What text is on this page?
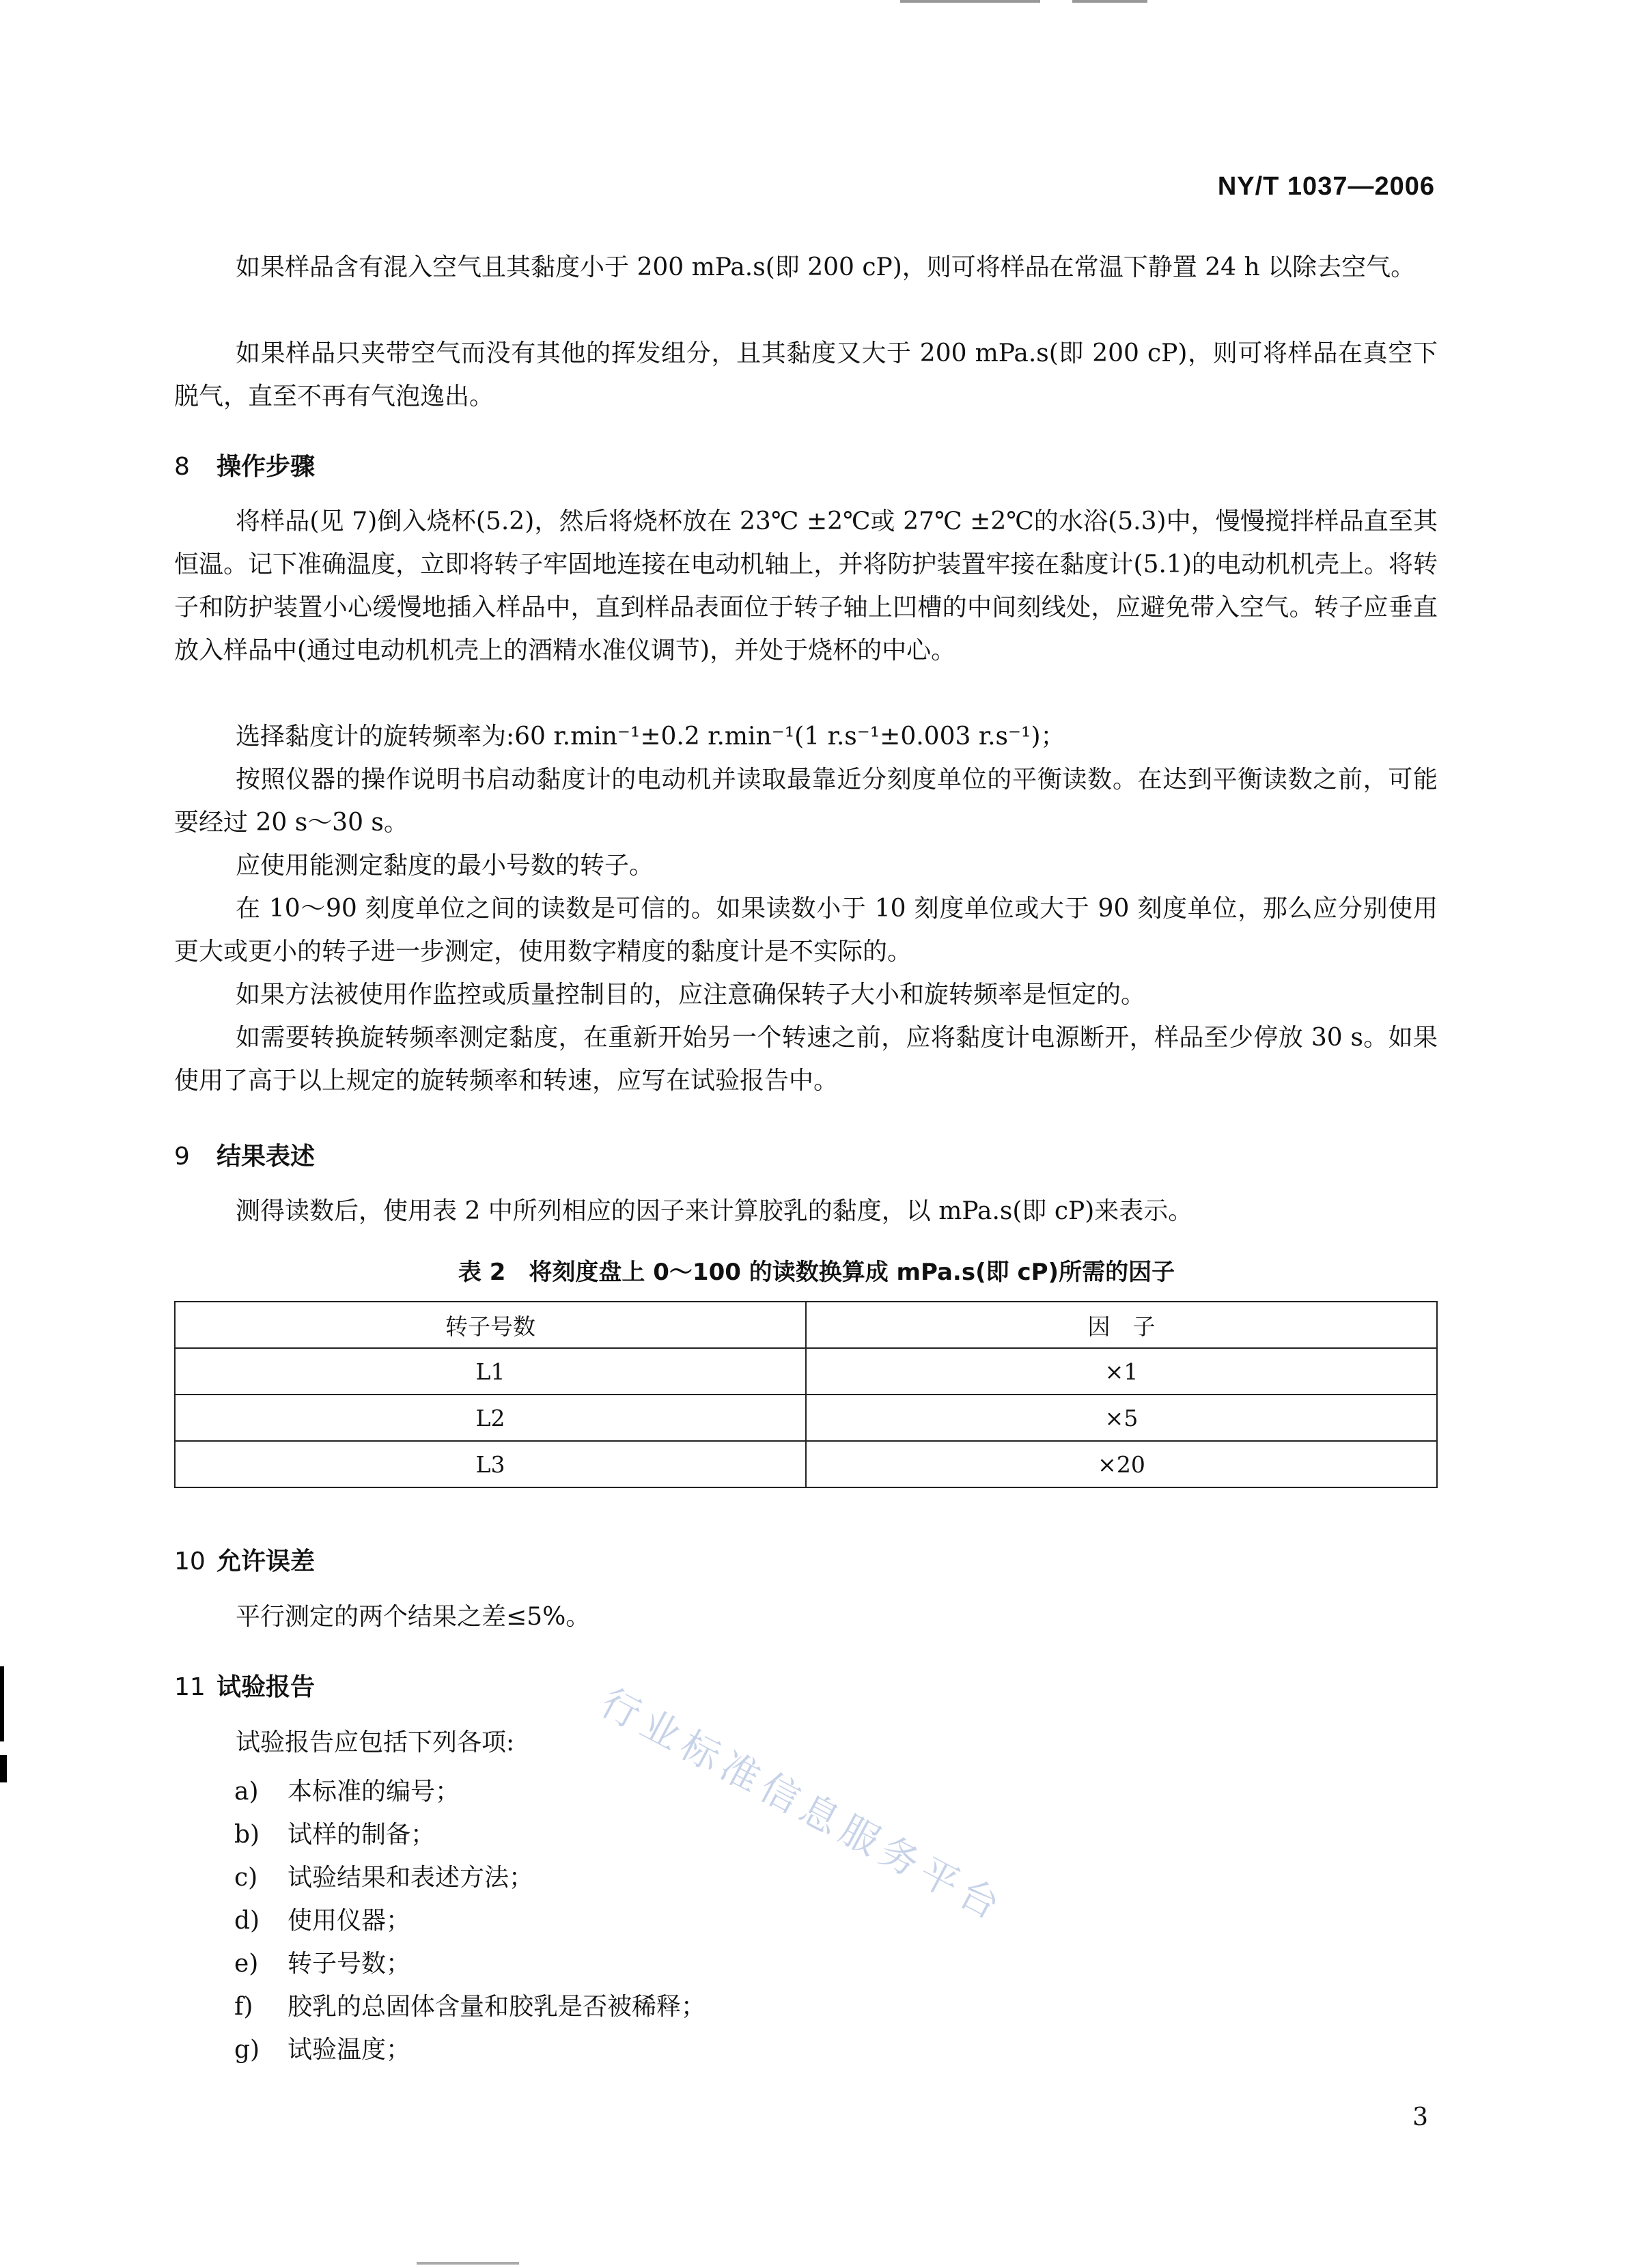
NY/T 1037—2006
如果样品含有混入空气且其黏度小于 200 mPa.s(即 200 cP)，则可将样品在常温下静置 24 h 以除去空气。
如果样品只夹带空气而没有其他的挥发组分，且其黏度又大于 200 mPa.s(即 200 cP)，则可将样品在真空下脱气，直至不再有气泡逸出。
8 操作步骤
将样品(见 7)倒入烧杯(5.2)，然后将烧杯放在 23℃ ±2℃或 27℃ ±2℃的水浴(5.3)中，慢慢搅拌样品直至其恒温。记下准确温度，立即将转子牢固地连接在电动机轴上，并将防护装置牢接在黏度计(5.1)的电动机机壳上。将转子和防护装置小心缓慢地插入样品中，直到样品表面位于转子轴上凹槽的中间刻线处，应避免带入空气。转子应垂直放入样品中(通过电动机机壳上的酒精水准仪调节)，并处于烧杯的中心。
选择黏度计的旋转频率为:60 r.min⁻¹±0.2 r.min⁻¹(1 r.s⁻¹±0.003 r.s⁻¹)；
按照仪器的操作说明书启动黏度计的电动机并读取最靠近分刻度单位的平衡读数。在达到平衡读数之前，可能要经过 20 s～30 s。
应使用能测定黏度的最小号数的转子。
在 10～90 刻度单位之间的读数是可信的。如果读数小于 10 刻度单位或大于 90 刻度单位，那么应分别使用更大或更小的转子进一步测定，使用数字精度的黏度计是不实际的。
如果方法被使用作监控或质量控制目的，应注意确保转子大小和旋转频率是恒定的。
如需要转换旋转频率测定黏度，在重新开始另一个转速之前，应将黏度计电源断开，样品至少停放 30 s。如果使用了高于以上规定的旋转频率和转速，应写在试验报告中。
9 结果表述
测得读数后，使用表 2 中所列相应的因子来计算胶乳的黏度，以 mPa.s(即 cP)来表示。
表 2　将刻度盘上 0～100 的读数换算成 mPa.s(即 cP)所需的因子
转子号数	因　子
L1	×1
L2	×5
L3	×20
10 允许误差
平行测定的两个结果之差≤5%。
11 试验报告
试验报告应包括下列各项:
a) 本标准的编号；
b) 试样的制备；
c) 试验结果和表述方法；
d) 使用仪器；
e) 转子号数；
f) 胶乳的总固体含量和胶乳是否被稀释；
g) 试验温度；
行业标准信息服务平台
3
